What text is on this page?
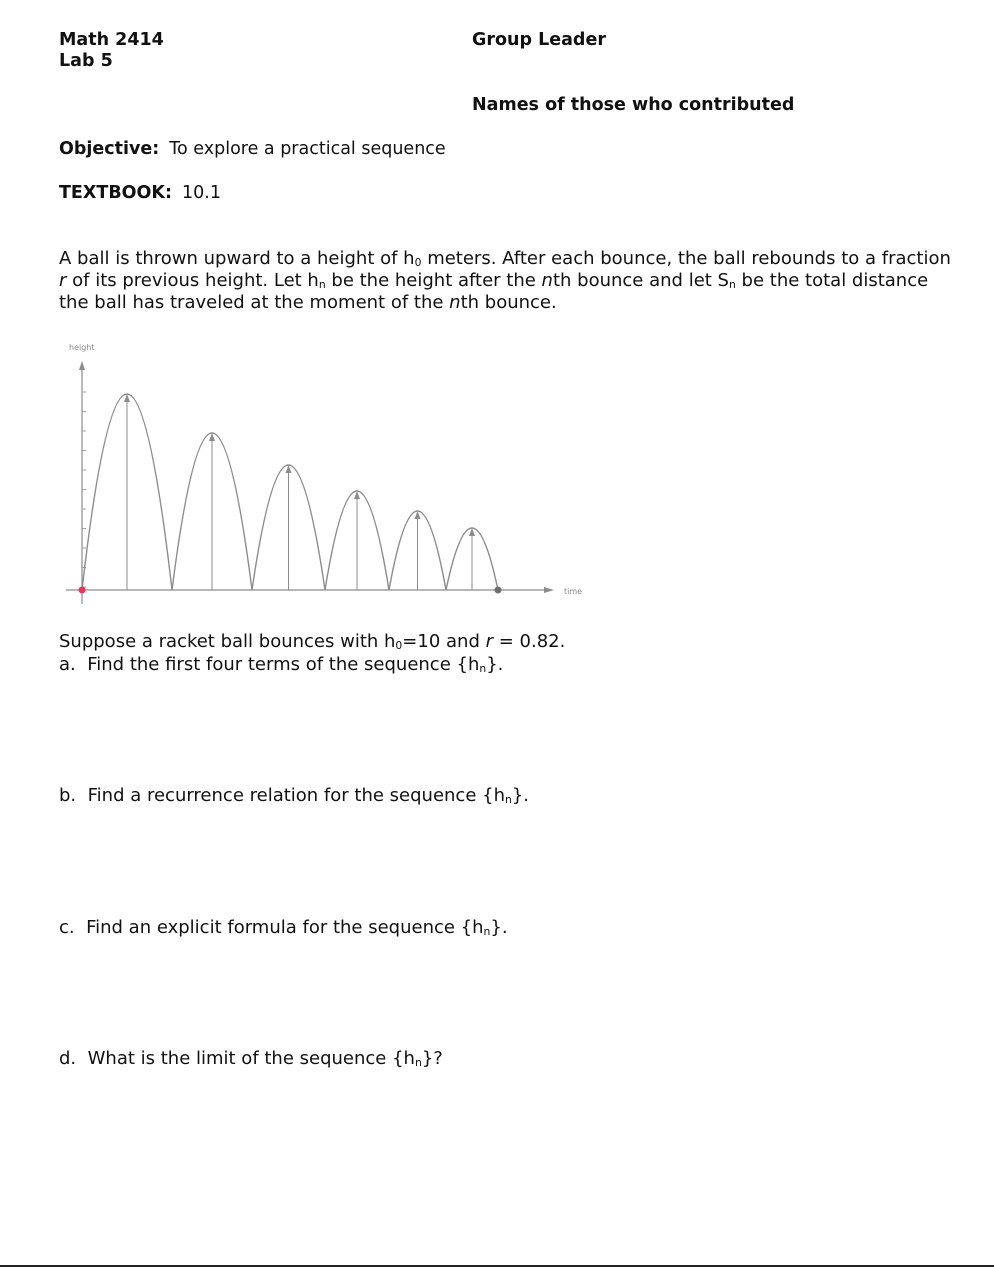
Math 2414
Lab 5
Group Leader
Names of those who contributed
Objective: To explore a practical sequence
TEXTBOOK: 10.1
A ball is thrown upward to a height of $h_0$ meters. After each bounce, the ball rebounds to a fraction r of its previous height. Let $h_n$ be the height after the nth bounce and let $S_n$ be the total distance the ball has traveled at the moment of the nth bounce.
height
time
Suppose a racket ball bounces with $h_0=10$ and r = 0.82.
a. Find the first four terms of the sequence $\{h_n\}$.
b. Find a recurrence relation for the sequence $\{h_n\}$.
c. Find an explicit formula for the sequence $\{h_n\}$.
d. What is the limit of the sequence $\{h_n\}$?
